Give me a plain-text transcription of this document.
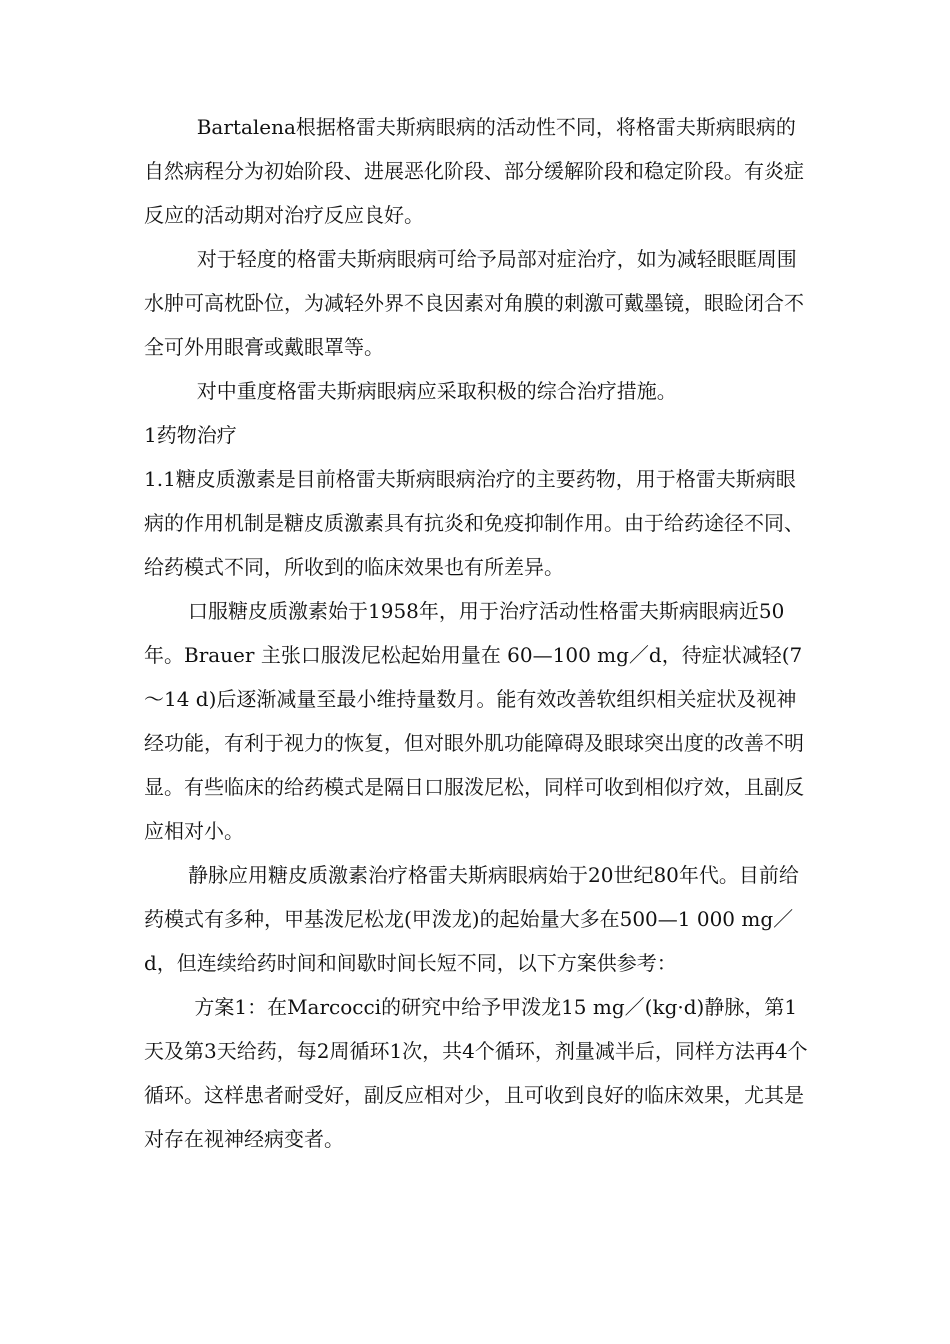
Bartalena根据格雷夫斯病眼病的活动性不同，将格雷夫斯病眼病的自然病程分为初始阶段、进展恶化阶段、部分缓解阶段和稳定阶段。有炎症反应的活动期对治疗反应良好。

对于轻度的格雷夫斯病眼病可给予局部对症治疗，如为减轻眼眶周围水肿可高枕卧位，为减轻外界不良因素对角膜的刺激可戴墨镜，眼睑闭合不全可外用眼膏或戴眼罩等。

对中重度格雷夫斯病眼病应采取积极的综合治疗措施。

1药物治疗

1.1糖皮质激素是目前格雷夫斯病眼病治疗的主要药物，用于格雷夫斯病眼病的作用机制是糖皮质激素具有抗炎和免疫抑制作用。由于给药途径不同、给药模式不同，所收到的临床效果也有所差异。

口服糖皮质激素始于1958年，用于治疗活动性格雷夫斯病眼病近50年。Brauer 主张口服泼尼松起始用量在 60—100 mg／d，待症状减轻(7～14 d)后逐渐减量至最小维持量数月。能有效改善软组织相关症状及视神经功能，有利于视力的恢复，但对眼外肌功能障碍及眼球突出度的改善不明显。有些临床的给药模式是隔日口服泼尼松，同样可收到相似疗效，且副反应相对小。

静脉应用糖皮质激素治疗格雷夫斯病眼病始于20世纪80年代。目前给药模式有多种，甲基泼尼松龙(甲泼龙)的起始量大多在500—1 000 mg／d，但连续给药时间和间歇时间长短不同，以下方案供参考：

方案1：在Marcocci的研究中给予甲泼龙15 mg／(kg·d)静脉，第1天及第3天给药，每2周循环1次，共4个循环，剂量减半后，同样方法再4个循环。这样患者耐受好，副反应相对少，且可收到良好的临床效果，尤其是对存在视神经病变者。
